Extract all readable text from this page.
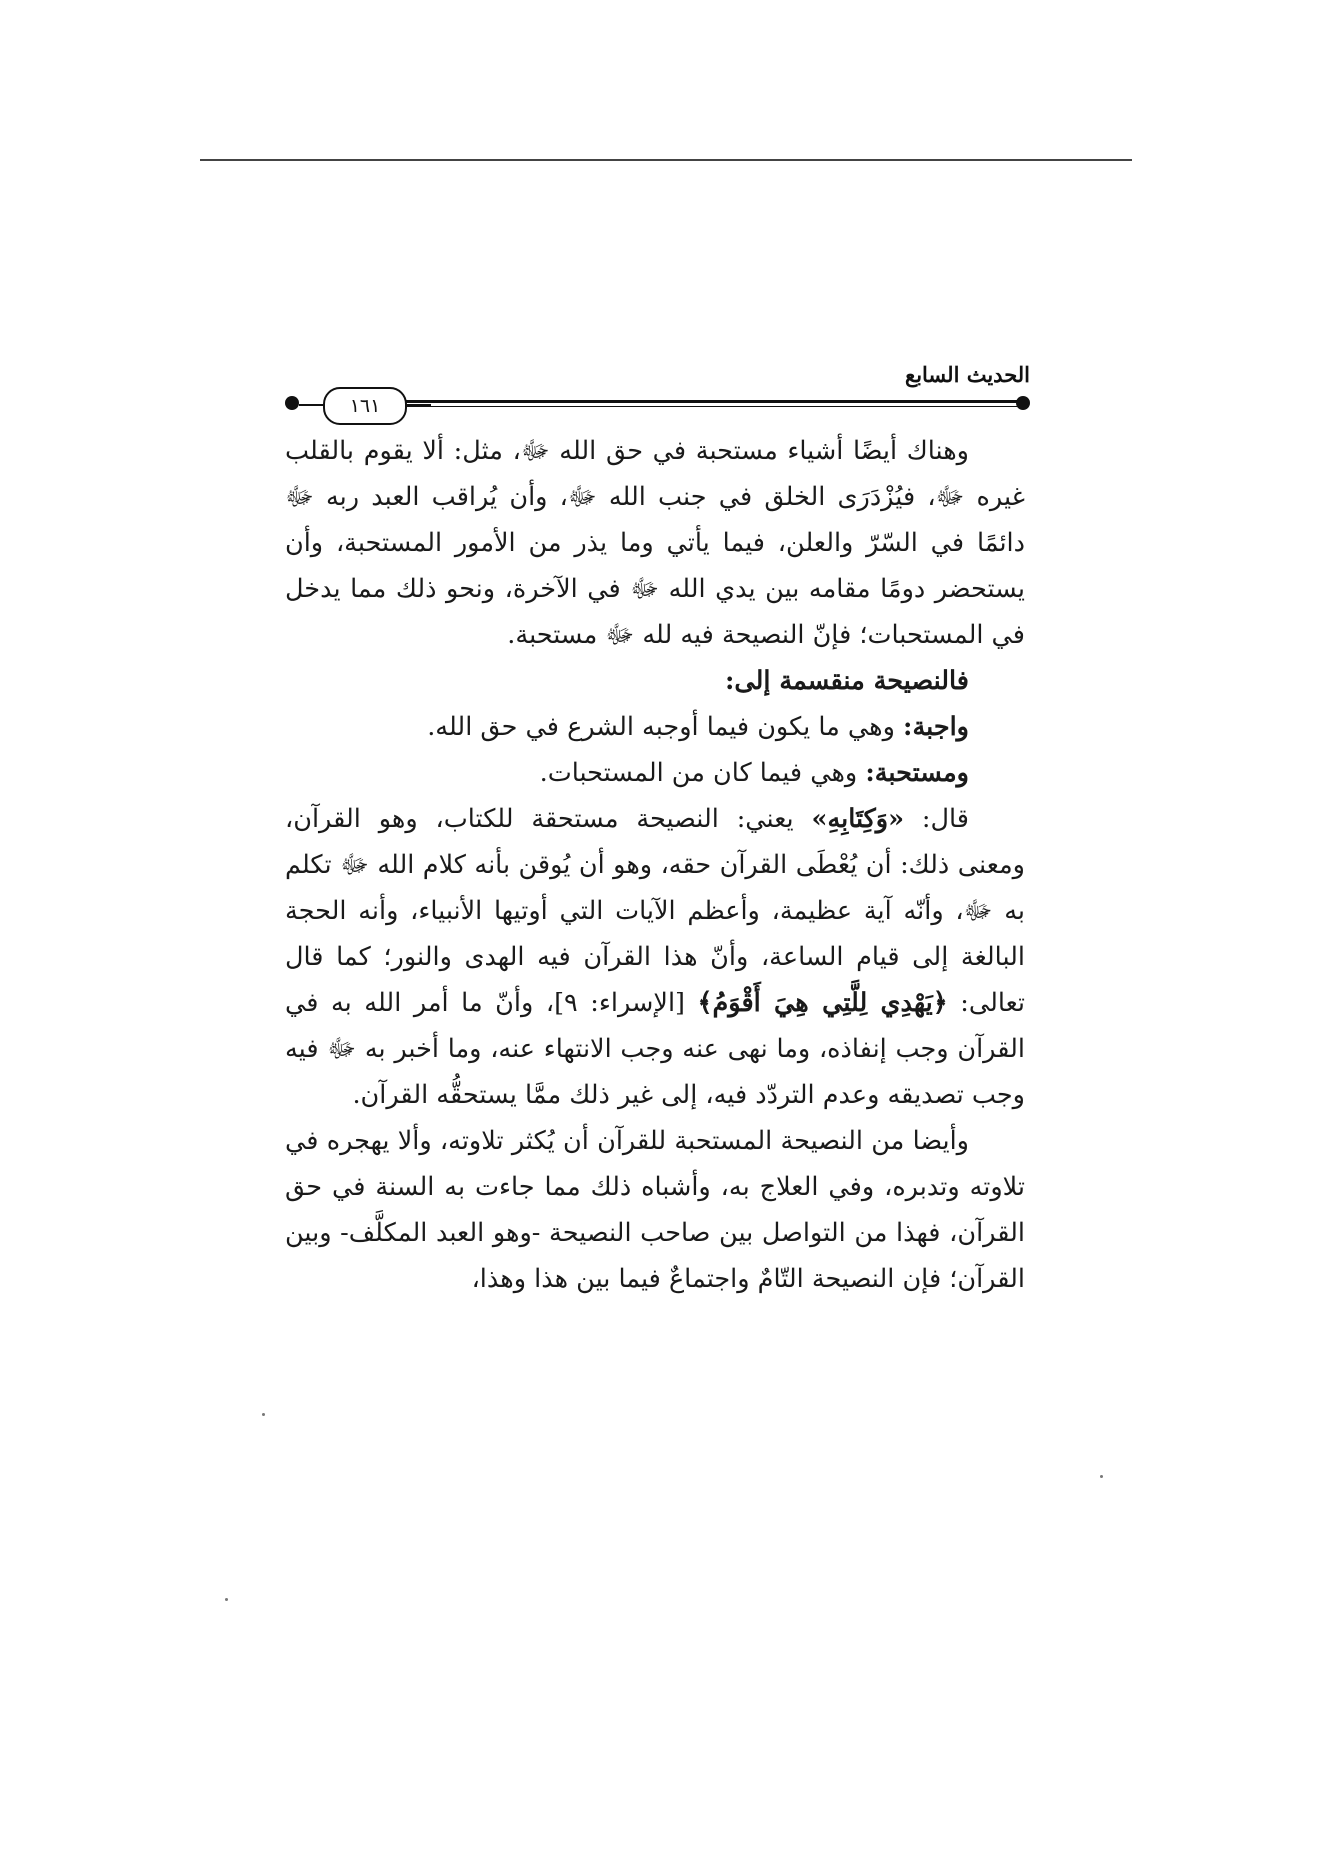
الحديث السابع
١٦١

وهناك أيضًا أشياء مستحبة في حق الله ﷻ، مثل: ألا يقوم بالقلب غيره ﷻ، فيُزْدَرَى الخلق في جنب الله ﷻ، وأن يُراقب العبد ربه ﷻ دائمًا في السّرّ والعلن، فيما يأتي وما يذر من الأمور المستحبة، وأن يستحضر دومًا مقامه بين يدي الله ﷻ في الآخرة، ونحو ذلك مما يدخل في المستحبات؛ فإنّ النصيحة فيه لله ﷻ مستحبة.

فالنصيحة منقسمة إلى:

واجبة: وهي ما يكون فيما أوجبه الشرع في حق الله.

ومستحبة: وهي فيما كان من المستحبات.

قال: «وَكِتَابِهِ» يعني: النصيحة مستحقة للكتاب، وهو القرآن، ومعنى ذلك: أن يُعْطَى القرآن حقه، وهو أن يُوقن بأنه كلام الله ﷻ تكلم به ﷻ، وأنّه آية عظيمة، وأعظم الآيات التي أوتيها الأنبياء، وأنه الحجة البالغة إلى قيام الساعة، وأنّ هذا القرآن فيه الهدى والنور؛ كما قال تعالى: ﴿يَهْدِي لِلَّتِي هِيَ أَقْوَمُ﴾ [الإسراء: ٩]، وأنّ ما أمر الله به في القرآن وجب إنفاذه، وما نهى عنه وجب الانتهاء عنه، وما أخبر به ﷻ فيه وجب تصديقه وعدم التردّد فيه، إلى غير ذلك ممَّا يستحقُّه القرآن.

وأيضا من النصيحة المستحبة للقرآن أن يُكثر تلاوته، وألا يهجره في تلاوته وتدبره، وفي العلاج به، وأشباه ذلك مما جاءت به السنة في حق القرآن، فهذا من التواصل بين صاحب النصيحة -وهو العبد المكلَّف- وبين القرآن؛ فإن النصيحة التّامٌ واجتماعٌ فيما بين هذا وهذا،
